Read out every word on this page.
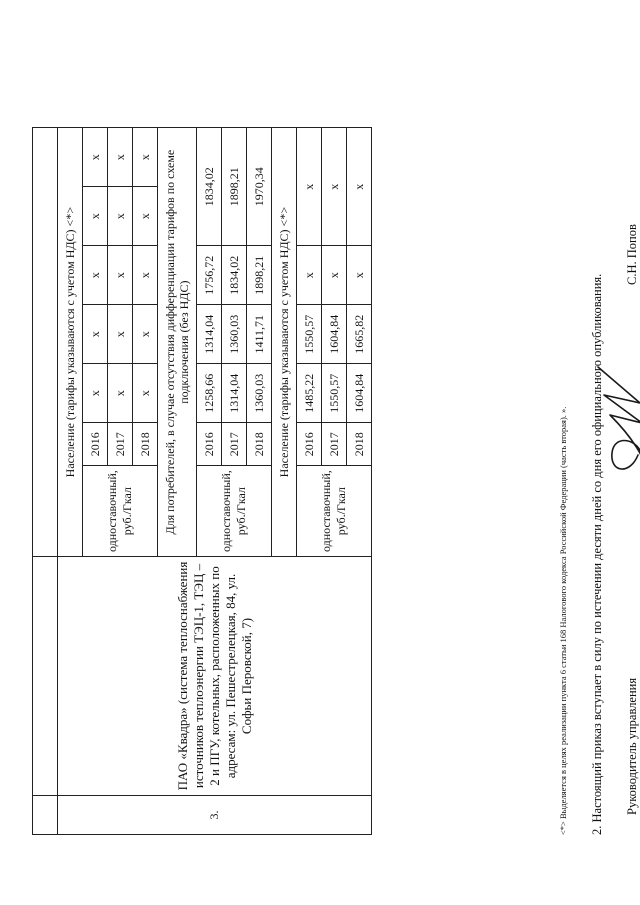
3.	ПАО «Квадра» (система теплоснабжения источников теплоэнергии ТЭЦ-1, ТЭЦ – 2 и ПГУ, котельных, расположенных по адресам: ул. Пешестрелецкая, 84, ул. Софьи Перовской, 7)	Население (тарифы указываются с учетом НДС) <*>						
		одноставочный, руб./Гкал	2016	х	х	х	х	х
			2017	х	х	х	х	х
			2018	х	х	х	х	х
		Для потребителей, в случае отсутствия дифференциации тарифов по схеме подключения (без НДС)						
		одноставочный, руб./Гкал	2016	1258,66	1314,04	1756,72	1834,02	
			2017	1314,04	1360,03	1834,02	1898,21	
			2018	1360,03	1411,71	1898,21	1970,34	
		Население (тарифы указываются с учетом НДС) <*>						
		одноставочный, руб./Гкал	2016	1485,22	1550,57	х	х	
			2017	1550,57	1604,84	х	х	
			2018	1604,84	1665,82	х	х	
<*> Выделяется в целях реализации пункта 6 статьи 168 Налогового кодекса Российской Федерации (часть вторая). ». 2. Настоящий приказ вступает в силу по истечении десяти дней со дня его официального опубликования. Руководитель управления
С.Н. Попов
